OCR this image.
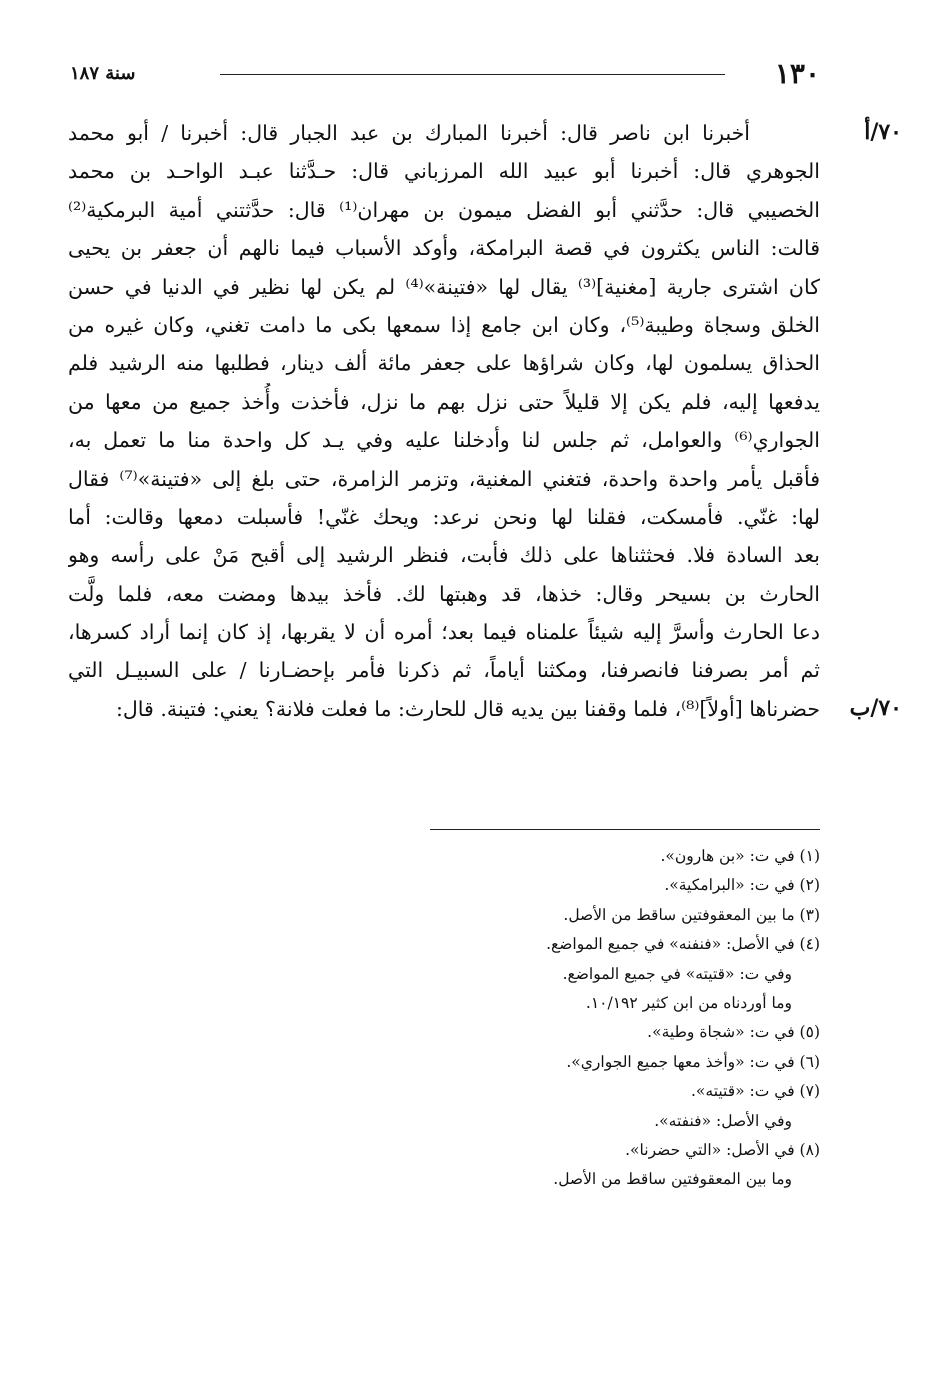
١٣٠
سنة ١٨٧
٧٠/أ
٧٠/ب
أخبرنا ابن ناصر قال: أخبرنا المبارك بن عبد الجبار قال: أخبرنا / أبو محمد
الجوهري قال: أخبرنا أبو عبيد الله المرزباني قال: حـدَّثنا عبـد الواحـد بن محمد
الخصيبي قال: حدَّثني أبو الفضل ميمون بن مهران⁽¹⁾ قال: حدَّثتني أمية البرمكية⁽²⁾
قالت: الناس يكثرون في قصة البرامكة، وأوكد الأسباب فيما نالهم أن جعفر بن يحيى
كان اشترى جارية [مغنية]⁽³⁾ يقال لها «فتينة»⁽⁴⁾ لم يكن لها نظير في الدنيا في حسن
الخلق وسجاة وطيبة⁽⁵⁾، وكان ابن جامع إذا سمعها بكى ما دامت تغني، وكان غيره من
الحذاق يسلمون لها، وكان شراؤها على جعفر مائة ألف دينار، فطلبها منه الرشيد فلم
يدفعها إليه، فلم يكن إلا قليلاً حتى نزل بهم ما نزل، فأخذت وأُخذ جميع من معها من
الجواري⁽⁶⁾ والعوامل، ثم جلس لنا وأدخلنا عليه وفي يـد كل واحدة منا ما تعمل به،
فأقبل يأمر واحدة واحدة، فتغني المغنية، وتزمر الزامرة، حتى بلغ إلى «فتينة»⁽⁷⁾ فقال
لها: غنّي. فأمسكت، فقلنا لها ونحن نرعد: ويحك غنّي! فأسبلت دمعها وقالت: أما
بعد السادة فلا. فحثثناها على ذلك فأبت، فنظر الرشيد إلى أقبح مَنْ على رأسه وهو
الحارث بن بسيحر وقال: خذها، قد وهبتها لك. فأخذ بيدها ومضت معه، فلما ولَّت
دعا الحارث وأسرَّ إليه شيئاً علمناه فيما بعد؛ أمره أن لا يقربها، إذ كان إنما أراد كسرها،
ثم أمر بصرفنا فانصرفنا، ومكثنا أياماً، ثم ذكرنا فأمر بإحضـارنا / على السبيـل التي
حضرناها [أولاً]⁽⁸⁾، فلما وقفنا بين يديه قال للحارث: ما فعلت فلانة؟ يعني: فتينة. قال:
(١) في ت: «بن هارون».
(٢) في ت: «البرامكية».
(٣) ما بين المعقوفتين ساقط من الأصل.
(٤) في الأصل: «فنفنه» في جميع المواضع.
وفي ت: «قتيته» في جميع المواضع.
وما أوردناه من ابن كثير ١٠/١٩٢.
(٥) في ت: «شجاة وطية».
(٦) في ت: «وأخذ معها جميع الجواري».
(٧) في ت: «قتيته».
وفي الأصل: «فنفته».
(٨) في الأصل: «التي حضرنا».
وما بين المعقوفتين ساقط من الأصل.
